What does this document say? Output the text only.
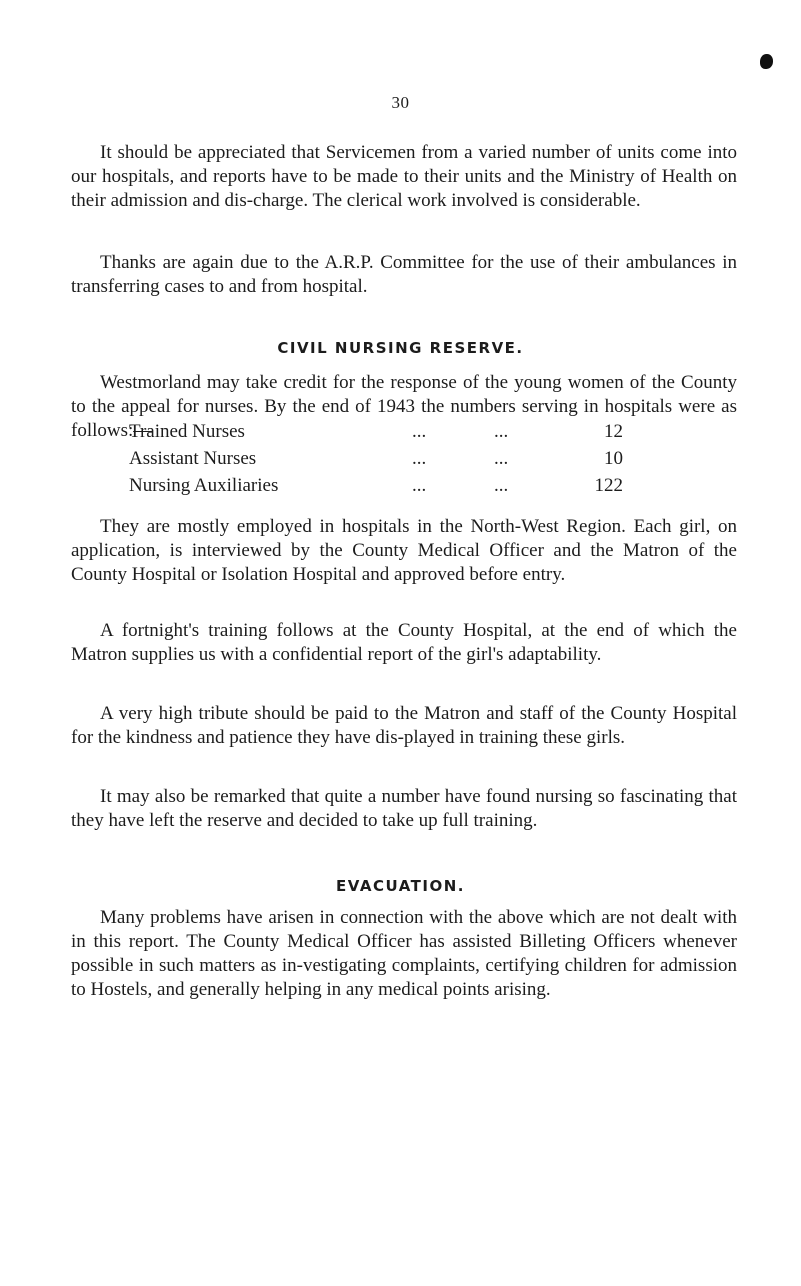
30

It should be appreciated that Servicemen from a varied number of units come into our hospitals, and reports have to be made to their units and the Ministry of Health on their admission and dis-charge. The clerical work involved is considerable.

Thanks are again due to the A.R.P. Committee for the use of their ambulances in transferring cases to and from hospital.

CIVIL NURSING RESERVE.

Westmorland may take credit for the response of the young women of the County to the appeal for nurses. By the end of 1943 the numbers serving in hospitals were as follows:—

Trained Nurses	...	...	12
Assistant Nurses	...	...	10
Nursing Auxiliaries	...	...	122

They are mostly employed in hospitals in the North-West Region. Each girl, on application, is interviewed by the County Medical Officer and the Matron of the County Hospital or Isolation Hospital and approved before entry.

A fortnight's training follows at the County Hospital, at the end of which the Matron supplies us with a confidential report of the girl's adaptability.

A very high tribute should be paid to the Matron and staff of the County Hospital for the kindness and patience they have dis-played in training these girls.

It may also be remarked that quite a number have found nursing so fascinating that they have left the reserve and decided to take up full training.

EVACUATION.

Many problems have arisen in connection with the above which are not dealt with in this report. The County Medical Officer has assisted Billeting Officers whenever possible in such matters as in-vestigating complaints, certifying children for admission to Hostels, and generally helping in any medical points arising.
